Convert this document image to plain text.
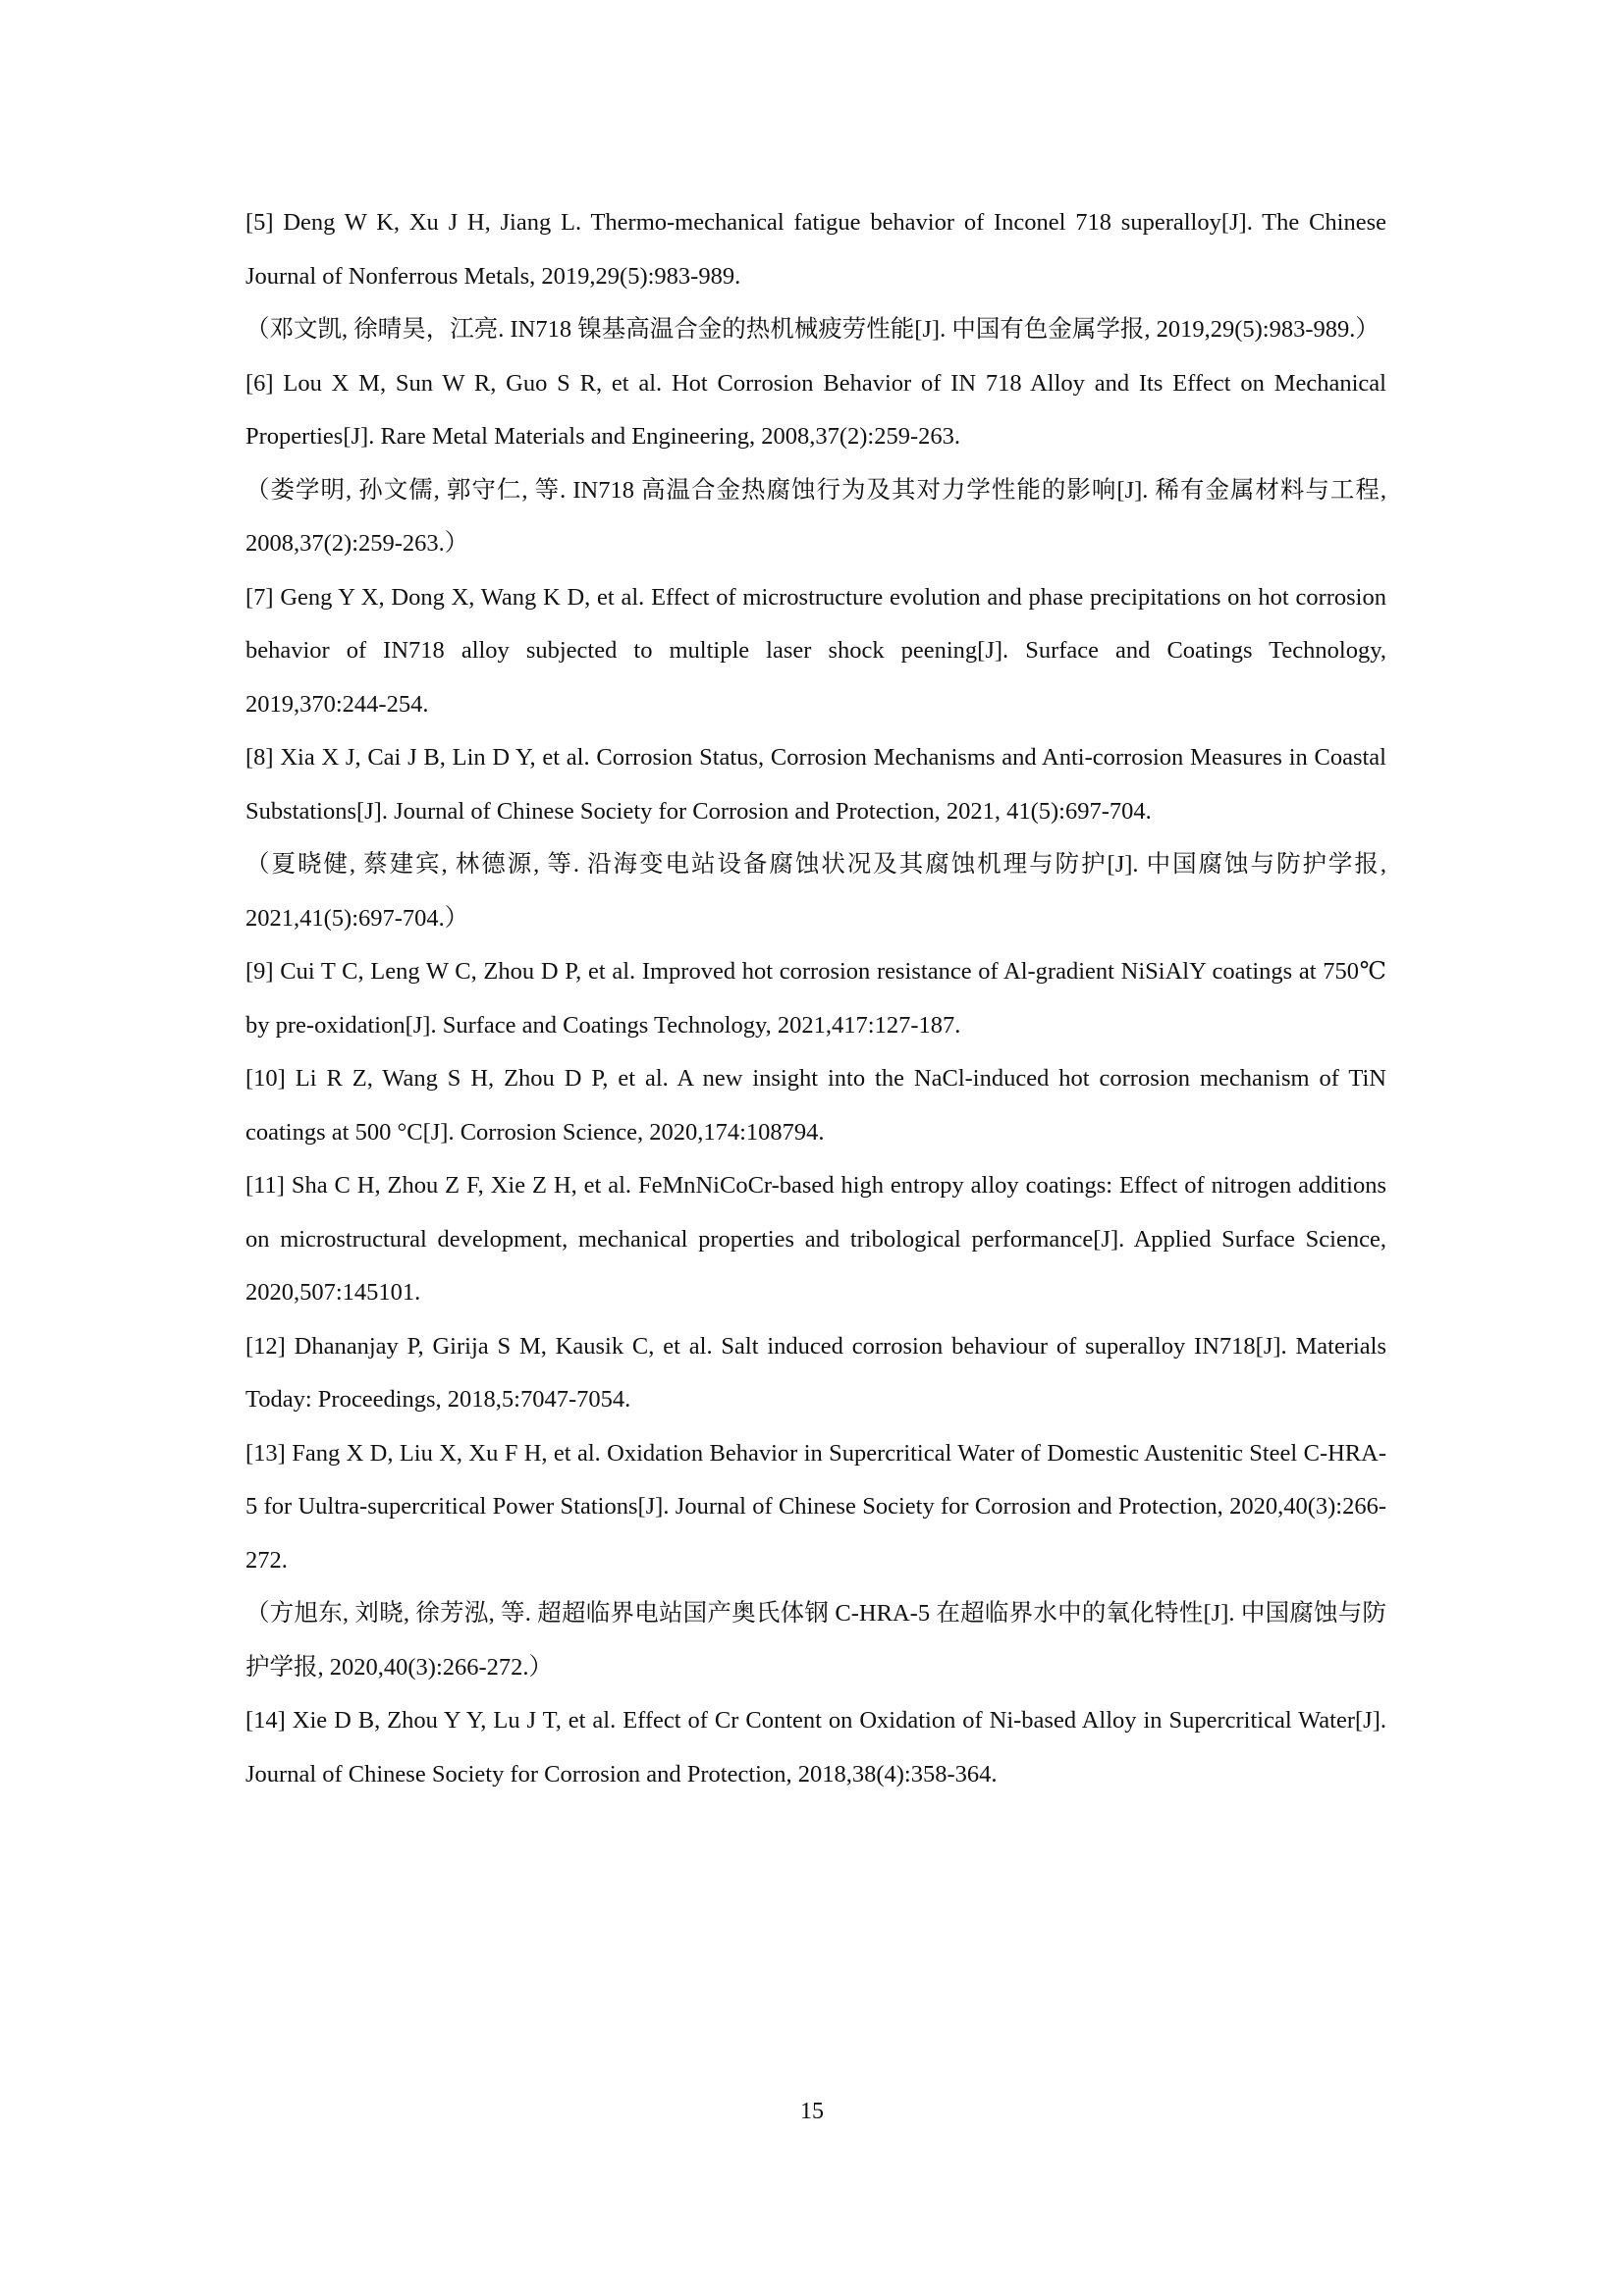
[5] Deng W K, Xu J H, Jiang L. Thermo-mechanical fatigue behavior of Inconel 718 superalloy[J]. The Chinese Journal of Nonferrous Metals, 2019,29(5):983-989.

（邓文凯, 徐晴昊，江亮. IN718 镍基高温合金的热机械疲劳性能[J]. 中国有色金属学报, 2019,29(5):983-989.）

[6] Lou X M, Sun W R, Guo S R, et al. Hot Corrosion Behavior of IN 718 Alloy and Its Effect on Mechanical Properties[J]. Rare Metal Materials and Engineering, 2008,37(2):259-263.

（娄学明, 孙文儒, 郭守仁, 等. IN718 高温合金热腐蚀行为及其对力学性能的影响[J]. 稀有金属材料与工程, 2008,37(2):259-263.）

[7] Geng Y X, Dong X, Wang K D, et al. Effect of microstructure evolution and phase precipitations on hot corrosion behavior of IN718 alloy subjected to multiple laser shock peening[J]. Surface and Coatings Technology, 2019,370:244-254.

[8] Xia X J, Cai J B, Lin D Y, et al. Corrosion Status, Corrosion Mechanisms and Anti-corrosion Measures in Coastal Substations[J]. Journal of Chinese Society for Corrosion and Protection, 2021, 41(5):697-704.

（夏晓健, 蔡建宾, 林德源, 等. 沿海变电站设备腐蚀状况及其腐蚀机理与防护[J]. 中国腐蚀与防护学报, 2021,41(5):697-704.）

[9] Cui T C, Leng W C, Zhou D P, et al. Improved hot corrosion resistance of Al-gradient NiSiAlY coatings at 750℃ by pre-oxidation[J]. Surface and Coatings Technology, 2021,417:127-187.

[10] Li R Z, Wang S H, Zhou D P, et al. A new insight into the NaCl-induced hot corrosion mechanism of TiN coatings at 500 °C[J]. Corrosion Science, 2020,174:108794.

[11] Sha C H, Zhou Z F, Xie Z H, et al. FeMnNiCoCr-based high entropy alloy coatings: Effect of nitrogen additions on microstructural development, mechanical properties and tribological performance[J]. Applied Surface Science, 2020,507:145101.

[12] Dhananjay P, Girija S M, Kausik C, et al. Salt induced corrosion behaviour of superalloy IN718[J]. Materials Today: Proceedings, 2018,5:7047-7054.

[13] Fang X D, Liu X, Xu F H, et al. Oxidation Behavior in Supercritical Water of Domestic Austenitic Steel C-HRA-5 for Uultra-supercritical Power Stations[J]. Journal of Chinese Society for Corrosion and Protection, 2020,40(3):266-272.

（方旭东, 刘晓, 徐芳泓, 等. 超超临界电站国产奥氏体钢 C-HRA-5 在超临界水中的氧化特性[J]. 中国腐蚀与防护学报, 2020,40(3):266-272.）

[14] Xie D B, Zhou Y Y, Lu J T, et al. Effect of Cr Content on Oxidation of Ni-based Alloy in Supercritical Water[J]. Journal of Chinese Society for Corrosion and Protection, 2018,38(4):358-364.

15
